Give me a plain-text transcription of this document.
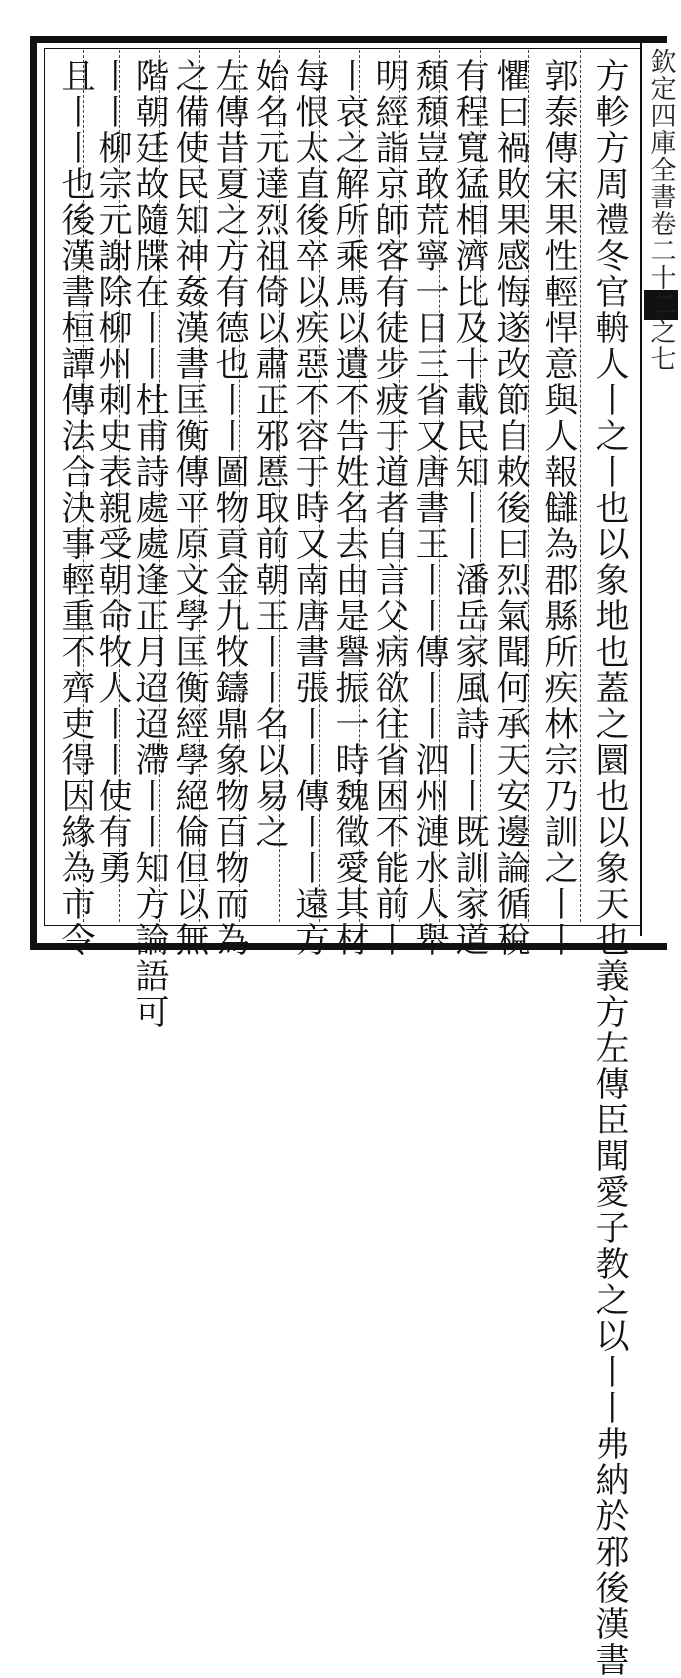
方軫方周禮冬官輈人丨之丨也以象地也蓋之圜也以象天也義方左傳臣聞愛子教之以丨丨弗納於邪後漢書
郭泰傳宋果性輕悍意與人報讎為郡縣所疾林宗乃訓之丨丨
懼曰禍敗果感悔遂改節自敕後曰烈氣聞何承天安邊論循稅
有程寬猛相濟比及十載民知丨丨潘岳家風詩丨丨既訓家道
頹頹豈敢荒寧一日三省又唐書王丨丨傳丨丨泗州漣水人舉
明經詣京師客有徒步疲于道者自言父病欲往省困不能前丨
丨哀之解所乘馬以遺不告姓名去由是譽振一時魏徵愛其材
每恨太直後卒以疾惡不容于時又南唐書張丨丨傳丨丨遠方
始名元達烈祖倚以肅正邪慝取前朝王丨丨名以易之
左傳昔夏之方有德也丨丨圖物貢金九牧鑄鼎象物百物而為
之備使民知神姦漢書匡衡傳平原文學匡衡經學絕倫但以無
階朝廷故隨牒在丨丨杜甫詩處處逢正月迢迢滯丨丨知方論語可
丨丨柳宗元謝除柳州刺史表親受朝命牧人丨丨使有勇
且丨丨也後漢書桓譚傳法合決事輕重不齊吏得因緣為市令	欽定四庫全書卷二十二之七
